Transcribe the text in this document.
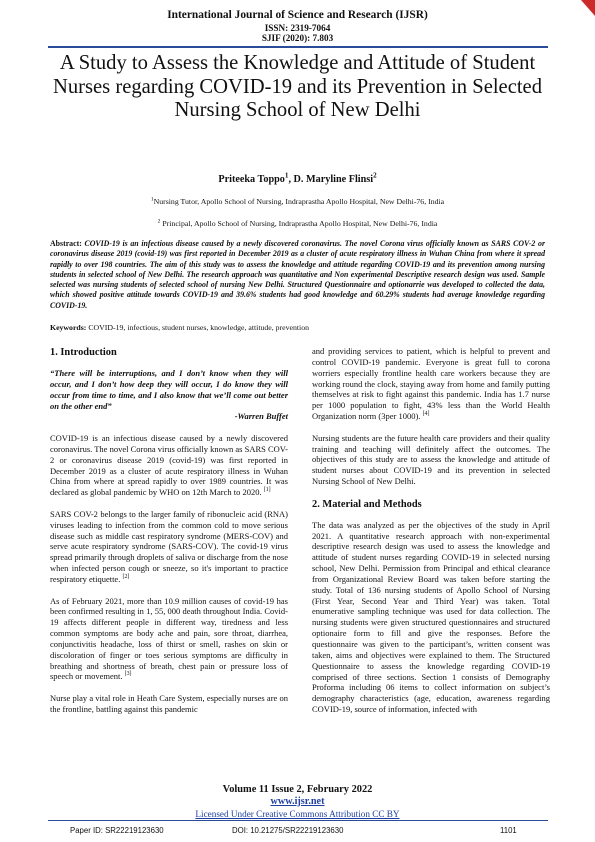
International Journal of Science and Research (IJSR)
ISSN: 2319-7064
SJIF (2020): 7.803
A Study to Assess the Knowledge and Attitude of Student Nurses regarding COVID-19 and its Prevention in Selected Nursing School of New Delhi
Priteeka Toppo$^1$, D. Maryline Flinsi$^2$
$^1$Nursing Tutor, Apollo School of Nursing, Indraprastha Apollo Hospital, New Delhi-76, India
$^2$ Principal, Apollo School of Nursing, Indraprastha Apollo Hospital, New Delhi-76, India
Abstract: COVID-19 is an infectious disease caused by a newly discovered coronavirus. The novel Corona virus officially known as SARS COV-2 or coronavirus disease 2019 (covid-19) was first reported in December 2019 as a cluster of acute respiratory illness in Wuhan China from where it spread rapidly to over 198 countries. The aim of this study was to assess the knowledge and attitude regarding COVID-19 and its prevention among nursing students in selected school of New Delhi. The research approach was quantitative and Non experimental Descriptive research design was used. Sample selected was nursing students of selected school of nursing New Delhi. Structured Questionnaire and optionarrie was developed to collected the data, which showed positive attitude towards COVID-19 and 39.6% students had good knowledge and 60.29% students had average knowledge regarding COVID-19.
Keywords: COVID-19, infectious, student nurses, knowledge, attitude, prevention
1. Introduction

“There will be interruptions, and I don’t know when they will occur, and I don’t how deep they will occur, I do know they will occur from time to time, and I also know that we’ll come out better on the other end”

-Warren Buffet

COVID-19 is an infectious disease caused by a newly discovered coronavirus. The novel Corona virus officially known as SARS COV-2 or coronavirus disease 2019 (covid-19) was first reported in December 2019 as a cluster of acute respiratory illness in Wuhan China from where at spread rapidly to over 1989 countries. It was declared as global pandemic by WHO on 12th March to 2020. [1]

SARS COV-2 belongs to the larger family of ribonucleic acid (RNA) viruses leading to infection from the common cold to move serious disease such as middle cast respiratory syndrome (MERS-COV) and serve acute respiratory syndrome (SARS-COV). The covid-19 virus spread primarily through droplets of saliva or discharge from the nose when infected person cough or sneeze, so it's important to practice respiratory etiquette. [2]

As of February 2021, more than 10.9 million causes of covid-19 has been confirmed resulting in 1, 55, 000 death throughout India. Covid-19 affects different people in different way, tiredness and less common symptoms are body ache and pain, sore throat, diarrhea, conjunctivitis headache, loss of thirst or smell, rashes on skin or discoloration of finger or toes serious symptoms are difficulty in breathing and shortness of breath, chest pain or pressure loss of speech or movement. [3]

Nurse play a vital role in Heath Care System, especially nurses are on the frontline, battling against this pandemic

and providing services to patient, which is helpful to prevent and control COVID-19 pandemic. Everyone is great full to corona worriers especially frontline health care workers because they are working round the clock, staying away from home and family putting themselves at risk to fight against this pandemic. India has 1.7 nurse per 1000 population to fight, 43% less than the World Health Organization norm (3per 1000). [4]

Nursing students are the future health care providers and their quality training and teaching will definitely affect the outcomes. The objectives of this study are to assess the knowledge and attitude of student nurses about COVID-19 and its prevention in selected Nursing School of New Delhi.

2. Material and Methods

The data was analyzed as per the objectives of the study in April 2021. A quantitative research approach with non-experimental descriptive research design was used to assess the knowledge and attitude of student nurses regarding COVID-19 in selected nursing school, New Delhi. Permission from Principal and ethical clearance from Organizational Review Board was taken before starting the study. Total of 136 nursing students of Apollo School of Nursing (First Year, Second Year and Third Year) was taken. Total enumerative sampling technique was used for data collection. The nursing students were given structured questionnaires and structured optionaire form to fill and give the responses. Before the questionnaire was given to the participant’s, written consent was taken, aims and objectives were explained to them. The Structured Questionnaire to assess the knowledge regarding COVID-19 comprised of three sections. Section 1 consists of Demography Proforma including 06 items to collect information on subject’s demography characteristics (age, education, awareness regarding COVID-19, source of information, infected with

Volume 11 Issue 2, February 2022
www.ijsr.net
Licensed Under Creative Commons Attribution CC BY
Paper ID: SR22219123630	DOI: 10.21275/SR22219123630	1101
